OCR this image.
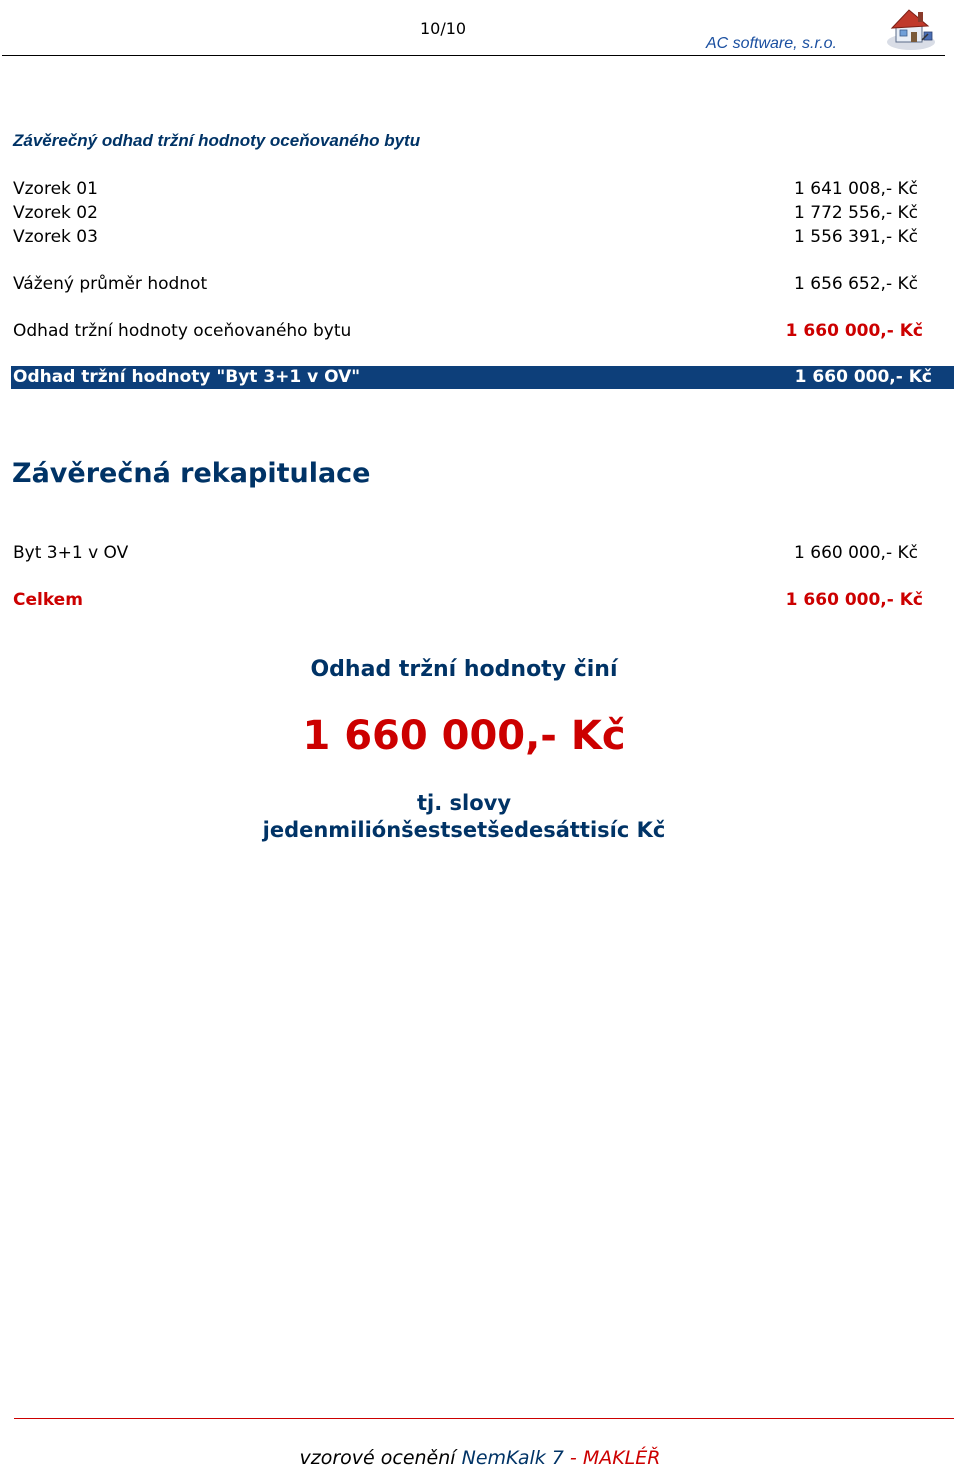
10/10
AC software, s.r.o.
Závěrečný odhad tržní hodnoty oceňovaného bytu
Vzorek 01	1 641 008,- Kč
Vzorek 02	1 772 556,- Kč
Vzorek 03	1 556 391,- Kč
Vážený průměr hodnot	1 656 652,- Kč
Odhad tržní hodnoty oceňovaného bytu	1 660 000,- Kč
Odhad tržní hodnoty "Byt 3+1 v OV"	1 660 000,- Kč
Závěrečná rekapitulace
Byt 3+1 v OV	1 660 000,- Kč
Celkem	1 660 000,- Kč
Odhad tržní hodnoty činí
1 660 000,- Kč
tj. slovy
jedenmiliónšestsetšedesáttisíc Kč
vzorové ocenění NemKalk 7 - MAKLÉŘ
